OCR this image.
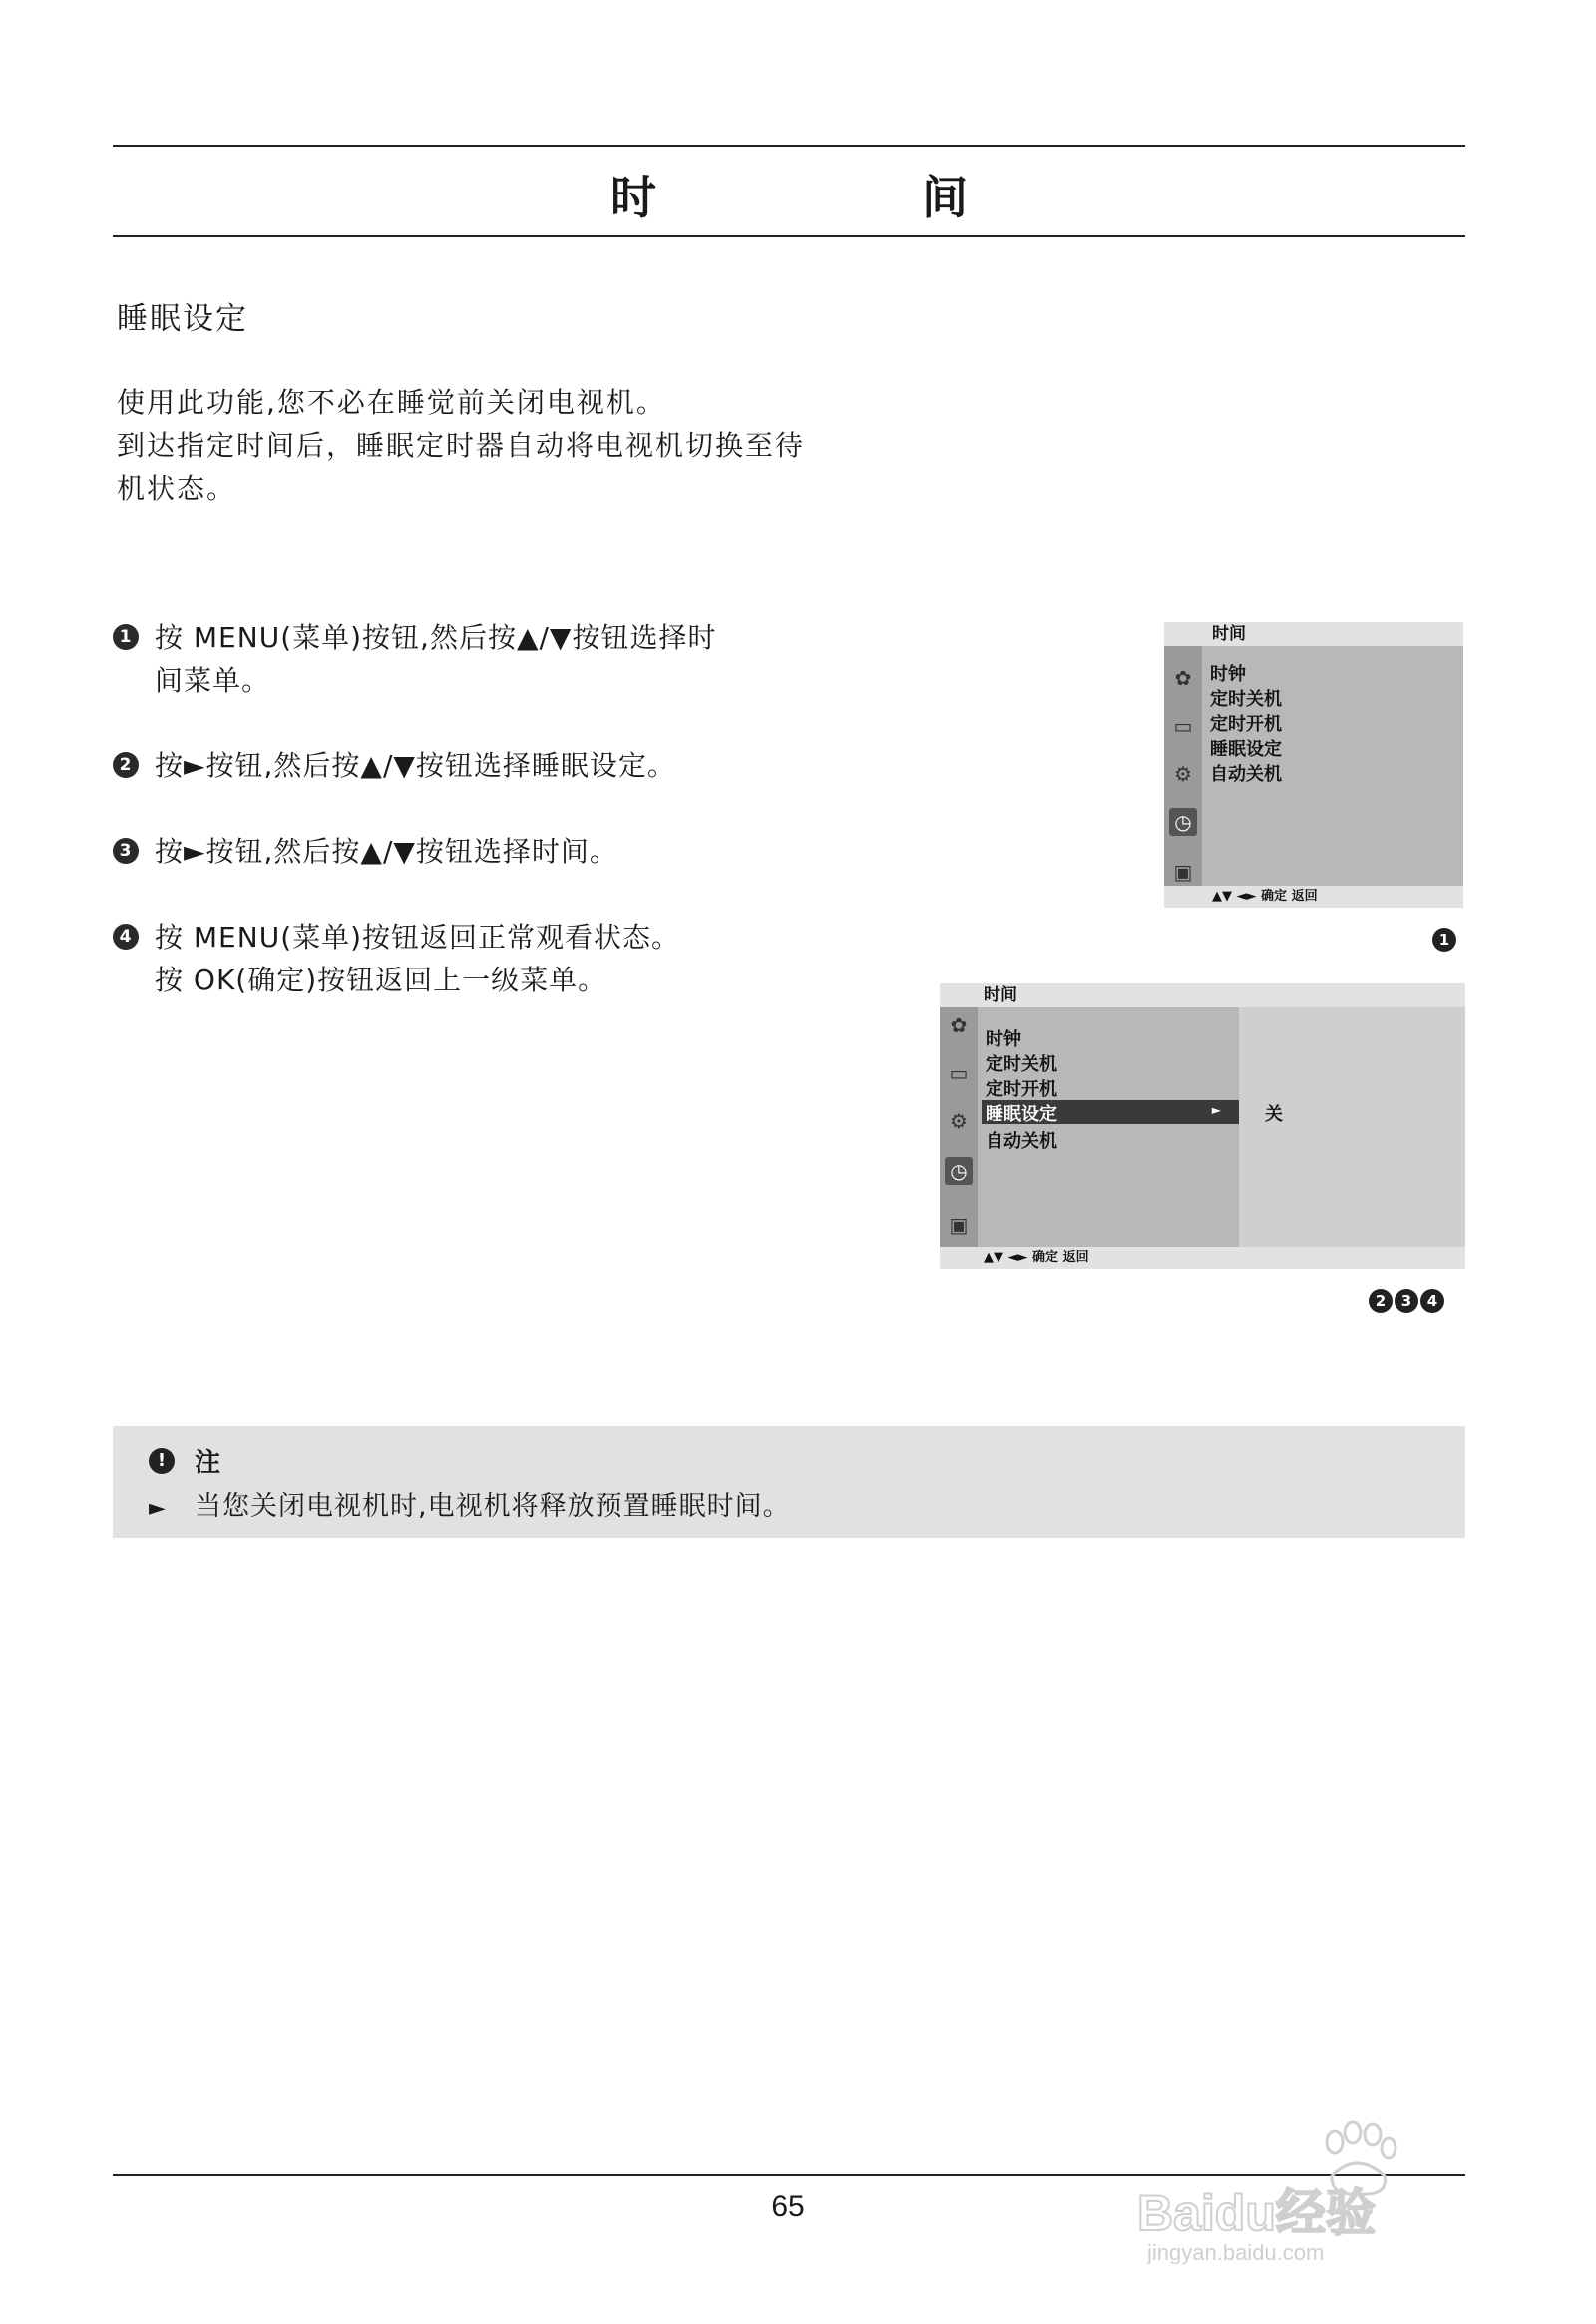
时　间
睡眠设定
使用此功能,您不必在睡觉前关闭电视机。
到达指定时间后，睡眠定时器自动将电视机切换至待
机状态。
1 按 MENU(菜单)按钮,然后按▲/▼按钮选择时
间菜单。
2 按►按钮,然后按▲/▼按钮选择睡眠设定。
3 按►按钮,然后按▲/▼按钮选择时间。
4 按 MENU(菜单)按钮返回正常观看状态。
按 OK(确定)按钮返回上一级菜单。
时间
✿
▭
⚙
◷
▣
时钟
定时关机
定时开机
睡眠设定
自动关机
▲▼ ◄► 确定 返回
1
时间
✿
▭
⚙
◷
▣
时钟
定时关机
定时开机
睡眠设定	►
自动关机
关
▲▼ ◄► 确定 返回
2	3	4
!	注
► 当您关闭电视机时,电视机将释放预置睡眠时间。
65	Baidu经验
jingyan.baidu.com
